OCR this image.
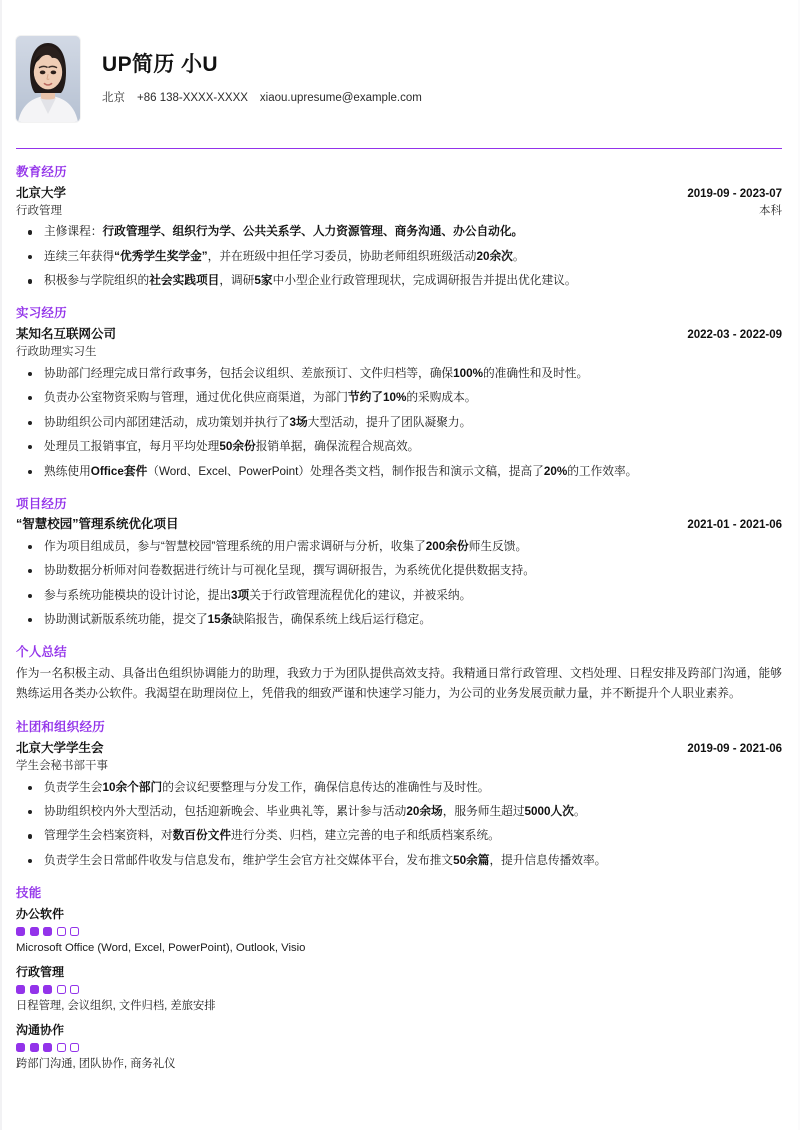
UP简历 小U
北京 +86 138-XXXX-XXXX xiaou.upresume@example.com
教育经历
北京大学	2019-09 - 2023-07
行政管理	本科
主修课程：行政管理学、组织行为学、公共关系学、人力资源管理、商务沟通、办公自动化。
连续三年获得“优秀学生奖学金”，并在班级中担任学习委员，协助老师组织班级活动20余次。
积极参与学院组织的社会实践项目，调研5家中小型企业行政管理现状，完成调研报告并提出优化建议。
实习经历
某知名互联网公司	2022-03 - 2022-09
行政助理实习生
协助部门经理完成日常行政事务，包括会议组织、差旅预订、文件归档等，确保100%的准确性和及时性。
负责办公室物资采购与管理，通过优化供应商渠道，为部门节约了10%的采购成本。
协助组织公司内部团建活动，成功策划并执行了3场大型活动，提升了团队凝聚力。
处理员工报销事宜，每月平均处理50余份报销单据，确保流程合规高效。
熟练使用Office套件（Word、Excel、PowerPoint）处理各类文档，制作报告和演示文稿，提高了20%的工作效率。
项目经历
“智慧校园”管理系统优化项目	2021-01 - 2021-06
作为项目组成员，参与“智慧校园”管理系统的用户需求调研与分析，收集了200余份师生反馈。
协助数据分析师对问卷数据进行统计与可视化呈现，撰写调研报告，为系统优化提供数据支持。
参与系统功能模块的设计讨论，提出3项关于行政管理流程优化的建议，并被采纳。
协助测试新版系统功能，提交了15条缺陷报告，确保系统上线后运行稳定。
个人总结
作为一名积极主动、具备出色组织协调能力的助理，我致力于为团队提供高效支持。我精通日常行政管理、文档处理、日程安排及跨部门沟通，能够熟练运用各类办公软件。我渴望在助理岗位上，凭借我的细致严谨和快速学习能力，为公司的业务发展贡献力量，并不断提升个人职业素养。
社团和组织经历
北京大学学生会	2019-09 - 2021-06
学生会秘书部干事
负责学生会10余个部门的会议纪要整理与分发工作，确保信息传达的准确性与及时性。
协助组织校内外大型活动，包括迎新晚会、毕业典礼等，累计参与活动20余场，服务师生超过5000人次。
管理学生会档案资料，对数百份文件进行分类、归档，建立完善的电子和纸质档案系统。
负责学生会日常邮件收发与信息发布，维护学生会官方社交媒体平台，发布推文50余篇，提升信息传播效率。
技能
办公软件
Microsoft Office (Word, Excel, PowerPoint), Outlook, Visio
行政管理
日程管理, 会议组织, 文件归档, 差旅安排
沟通协作
跨部门沟通, 团队协作, 商务礼仪
